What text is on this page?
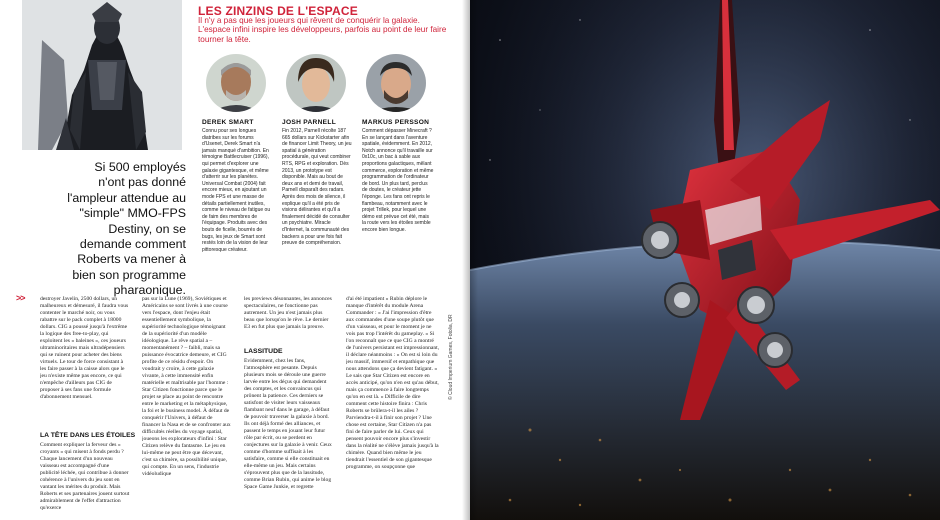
LES ZINZINS DE L'ESPACE
Il n'y a pas que les joueurs qui rêvent de conquérir la galaxie. L'espace infini inspire les développeurs, parfois au point de leur faire tourner la tête.
DEREK SMART
Connu pour ses longues diatribes sur les forums d'Usenet, Derek Smart n'a jamais manqué d'ambition. En témoigne Battlecruiser (1996), qui permet d'explorer une galaxie gigantesque, et même d'atterrir sur les planètes. Universal Combat (2004) fait encore mieux, en ajoutant un mode FPS et une masse de détails partiellement inutiles, comme le niveau de fatigue ou de faim des membres de l'équipage. Produits avec des bouts de ficelle, bourrés de bugs, les jeux de Smart sont restés loin de la vision de leur pittoresque créateur.
JOSH PARNELL
Fin 2012, Parnell récolte 187 665 dollars sur Kickstarter afin de financer Limit Theory, un jeu spatial à génération procédurale, qui veut combiner RTS, RPG et exploration. Dès 2013, un prototype est disponible. Mais au bout de deux ans et demi de travail, Parnell disparaît des radars. Après des mois de silence, il explique qu'il a été pris de visions délirantes et qu'il a finalement décidé de consulter un psychiatre. Miracle d'Internet, la communauté des backers a pour une fois fait preuve de compréhension.
MARKUS PERSSON
Comment dépasser Minecraft ? En se lançant dans l'aventure spatiale, évidemment. En 2012, Notch annonce qu'il travaille sur 0x10c, un bac à sable aux proportions galactiques, mêlant commerce, exploration et même programmation de l'ordinateur de bord. Un plus tard, perclus de doutes, le créateur jette l'éponge. Les fans ont repris le flambeau, notamment avec le projet Trillek, pour lequel une démo est prévue cet été, mais la route vers les étoiles semble encore bien longue.
Si 500 employés n'ont pas donné l'ampleur attendue au "simple" MMO-FPS Destiny, on se demande comment Roberts va mener à bien son programme pharaonique.
>>	destroyer Javelin, 2500 dollars, un malheureux et démesuré, il faudra vous contenter le marché noir, ou vous rabattre sur le pack complet à 18000 dollars. CIG a poussé jusqu'à l'extrême la logique des free-to-play, qui exploitent les « baleines », ces joueurs ultraminoritaires mais ultradépensiers qui se ruinent pour acheter des biens virtuels. Le tour de force consistant à les faire passer à la caisse alors que le jeu n'existe même pas encore, ce qui n'empêche d'ailleurs pas CIG de proposer à ses fans une formule d'abonnement mensuel.
LA TÊTE DANS LES ÉTOILES
Comment expliquer la ferveur des « croyants » qui misent à fonds perdu ? Chaque lancement d'un nouveau vaisseau est accompagné d'une publicité léchée, qui contribue à donner cohérence à l'univers du jeu sont en vantant les mérites du produit. Mais Roberts et ses partenaires jouent surtout admirablement de l'effet d'attraction qu'exerce
pas sur la Lune (1969), Soviétiques et Américains se sont livrés à une course vers l'espace, dont l'enjeu était essentiellement symbolique, la supériorité technologique témoignant de la supériorité d'un modèle idéologique. Le rêve spatial a – momentanément ? – faibli, mais sa puissance évocatrice demeure, et CIG profite de ce résidu d'espoir. On voudrait y croire, à cette galaxie vivante, à cette immensité enfin matérielle et maîtrisable par l'homme : Star Citizen fonctionne parce que le projet se place au point de rencontre entre le marketing et la métaphysique, la foi et le business model. À défaut de conquérir l'Univers, à défaut de financer la Nasa et de se confronter aux difficultés réelles du voyage spatial, joueons les explorateurs d'infini : Star Citizen relève du fantasme. Le jeu en lui-même ne peut être que décevant, c'est sa chimère, sa possibilité unique, qui compte. En un sens, l'industrie vidéoludique
les previews désonnantes, les annonces spectaculaires, ne fonctionne pas autrement. Un jeu n'est jamais plus beau que lorsqu'on le rêve. Le dernier E3 en fut plus que jamais la preuve.
LASSITUDE
Évidemment, chez les fans, l'atmosphère est pesante. Depuis plusieurs mois se déroule une guerre larvée entre les déçus qui demandent des comptes, et les convaincus qui prônent la patience. Ces derniers se satisfont de visiter leurs vaisseaux flambant neuf dans le garage, à défaut de pouvoir traverser la galaxie à bord. Ils ont déjà formé des alliances, et passent le temps en jouant leur futur rôle par écrit, ou se perdent en conjectures sur la galaxie à venir. Ceux comme d'homme suffisait à les satisfaire, comme si elle constituait en elle-même un jeu. Mais certains s'éprouvent plus que de la lassitude, comme Brian Rubin, qui anime le blog Space Game Junkie, et regrette
d'ai été impatient » Rubin déplore le manque d'intérêt du module Arena Commander : « J'ai l'impression d'être aux commandes d'une soupe plutôt que d'un vaisseau, et pour le moment je ne vois pas trop l'intérêt du gameplay. » Si l'on reconnaît que ce que CIG a montré de l'univers persistant est impressionnant, il déclare néanmoins : « On est si loin du jeu massif, immersif et empathique que nous attendons que ça devient fatigant. » Le sais que Star Citizen est encore en accès anticipé, qu'on n'en est qu'au début, mais ça commence à faire longtemps qu'on en est là. » Difficile de dire comment cette histoire finira : Chris Roberts se brûlera-t-il les ailes ? Parviendra-t-il à finir son projet ? Une chose est certaine, Star Citizen n'a pas fini de faire parler de lui. Ceux qui pensent pouvoir encore plus s'investir dans la réalité ne s'élève jamais jusqu'à la chimère. Quand bien même le jeu tiendrait l'essentiel de son gigantesque programme, on soupçonne que
© Cloud Imperium Games, Fotolia, DR
